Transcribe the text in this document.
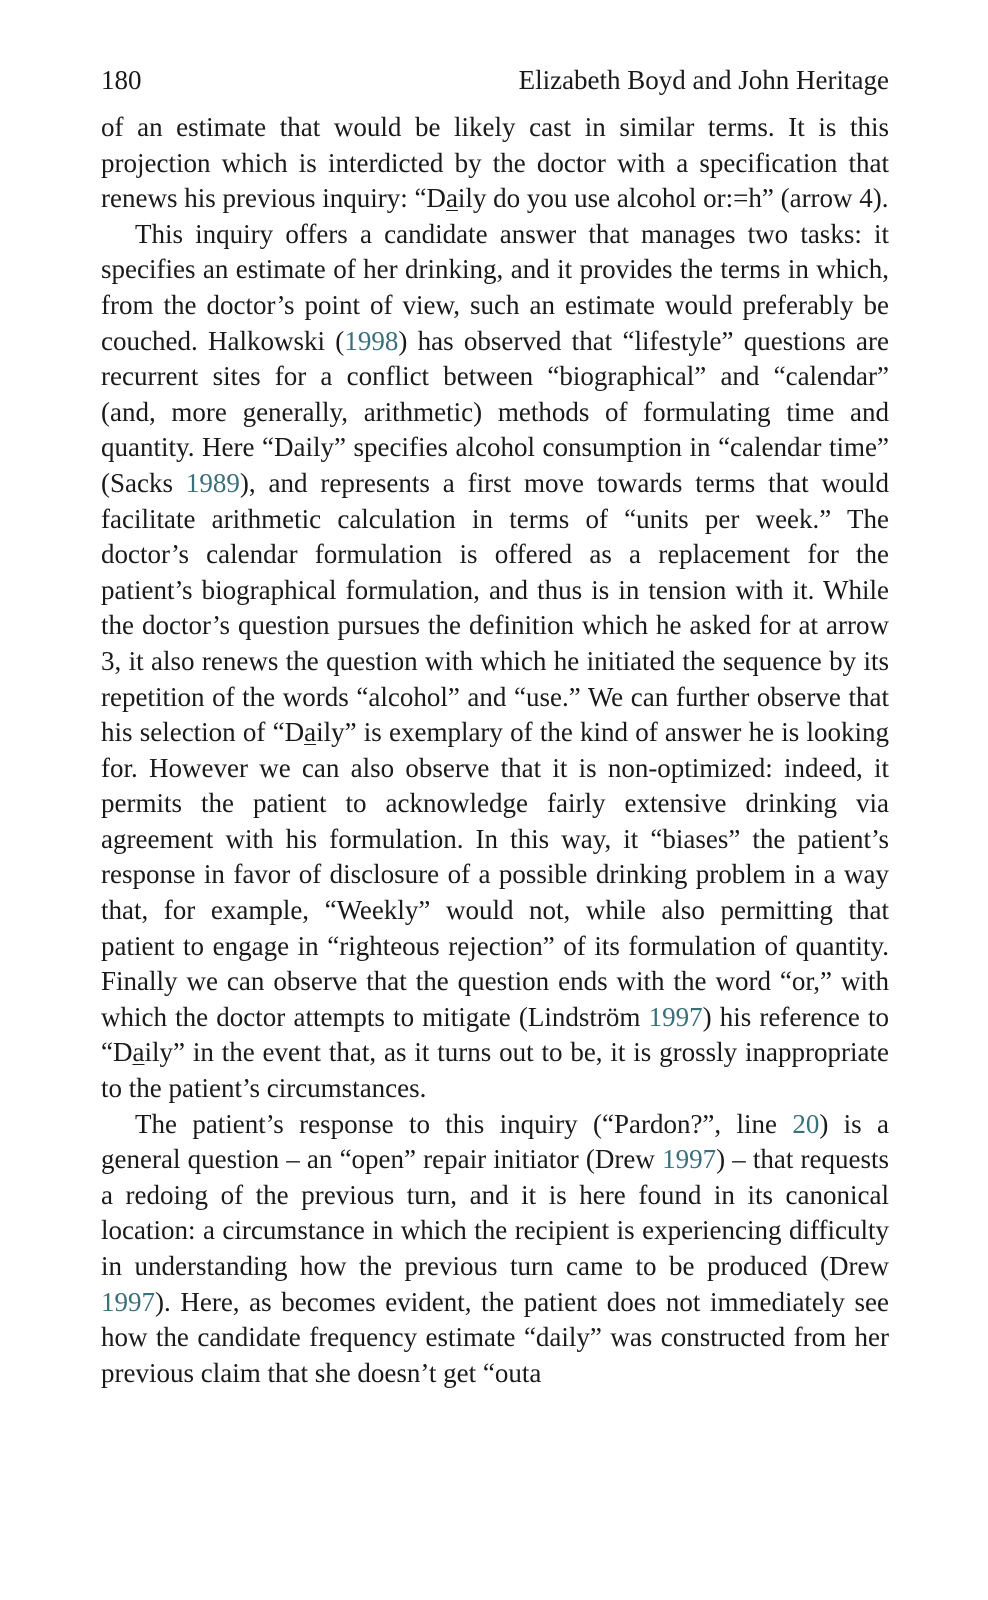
180	Elizabeth Boyd and John Heritage

of an estimate that would be likely cast in similar terms. It is this projection which is interdicted by the doctor with a specification that renews his previous inquiry: “Daily do you use alcohol or:=h” (arrow 4).

This inquiry offers a candidate answer that manages two tasks: it specifies an estimate of her drinking, and it provides the terms in which, from the doctor’s point of view, such an estimate would preferably be couched. Halkowski (1998) has observed that “lifestyle” questions are recurrent sites for a conflict between “biographical” and “calendar” (and, more generally, arithmetic) methods of formulating time and quantity. Here “Daily” specifies alcohol consumption in “calendar time” (Sacks 1989), and represents a first move towards terms that would facilitate arithmetic calculation in terms of “units per week.” The doctor’s calendar formulation is offered as a replacement for the patient’s biographical formulation, and thus is in tension with it. While the doctor’s question pursues the definition which he asked for at arrow 3, it also renews the question with which he initiated the sequence by its repetition of the words “alcohol” and “use.” We can further observe that his selection of “Daily” is exemplary of the kind of answer he is looking for. However we can also observe that it is non-optimized: indeed, it permits the patient to acknowledge fairly extensive drinking via agreement with his formulation. In this way, it “biases” the patient’s response in favor of disclosure of a possible drinking problem in a way that, for example, “Weekly” would not, while also permitting that patient to engage in “righteous rejection” of its formulation of quantity. Finally we can observe that the question ends with the word “or,” with which the doctor attempts to mitigate (Lindström 1997) his reference to “Daily” in the event that, as it turns out to be, it is grossly inappropriate to the patient’s circumstances.

The patient’s response to this inquiry (“Pardon?”, line 20) is a general question – an “open” repair initiator (Drew 1997) – that requests a redoing of the previous turn, and it is here found in its canonical location: a circumstance in which the recipient is experiencing difficulty in understanding how the previous turn came to be produced (Drew 1997). Here, as becomes evident, the patient does not immediately see how the candidate frequency estimate “daily” was constructed from her previous claim that she doesn’t get “outa
